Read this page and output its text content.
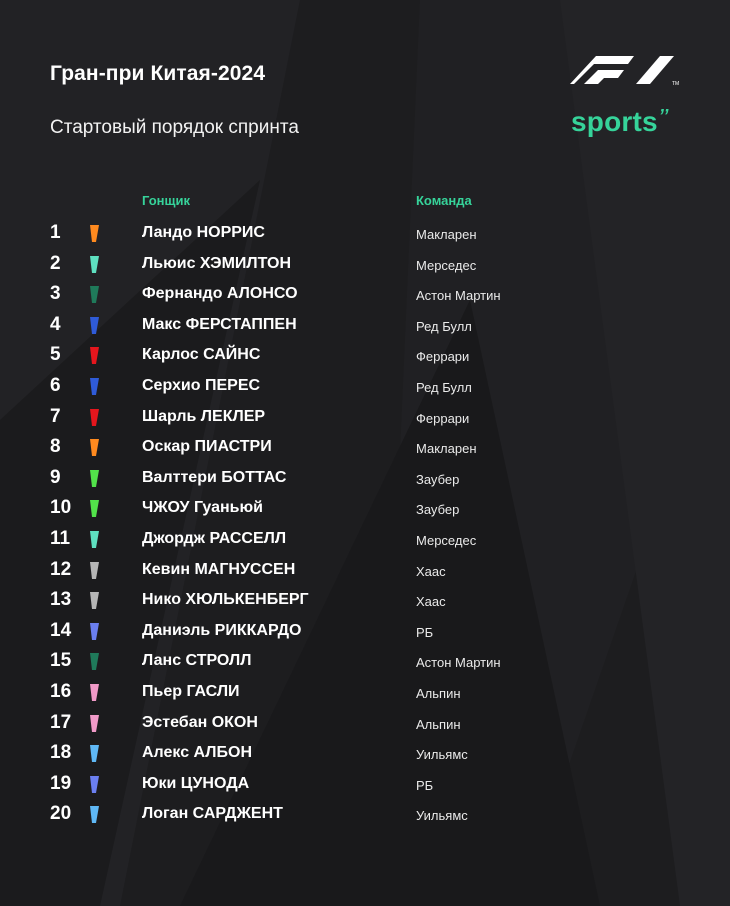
Гран-при Китая-2024
Стартовый порядок спринта
TM
sports’’
Гонщик	Команда
1	Ландо НОРРИС	Макларен
2	Льюис ХЭМИЛТОН	Мерседес
3	Фернандо АЛОНСО	Астон Мартин
4	Макс ФЕРСТАППЕН	Ред Булл
5	Карлос САЙНС	Феррари
6	Серхио ПЕРЕС	Ред Булл
7	Шарль ЛЕКЛЕР	Феррари
8	Оскар ПИАСТРИ	Макларен
9	Валттери БОТТАС	Заубер
10	ЧЖОУ Гуаньюй	Заубер
11	Джордж РАССЕЛЛ	Мерседес
12	Кевин МАГНУССЕН	Хаас
13	Нико ХЮЛЬКЕНБЕРГ	Хаас
14	Даниэль РИККАРДО	РБ
15	Ланс СТРОЛЛ	Астон Мартин
16	Пьер ГАСЛИ	Альпин
17	Эстебан ОКОН	Альпин
18	Алекс АЛБОН	Уильямс
19	Юки ЦУНОДА	РБ
20	Логан САРДЖЕНТ	Уильямс
